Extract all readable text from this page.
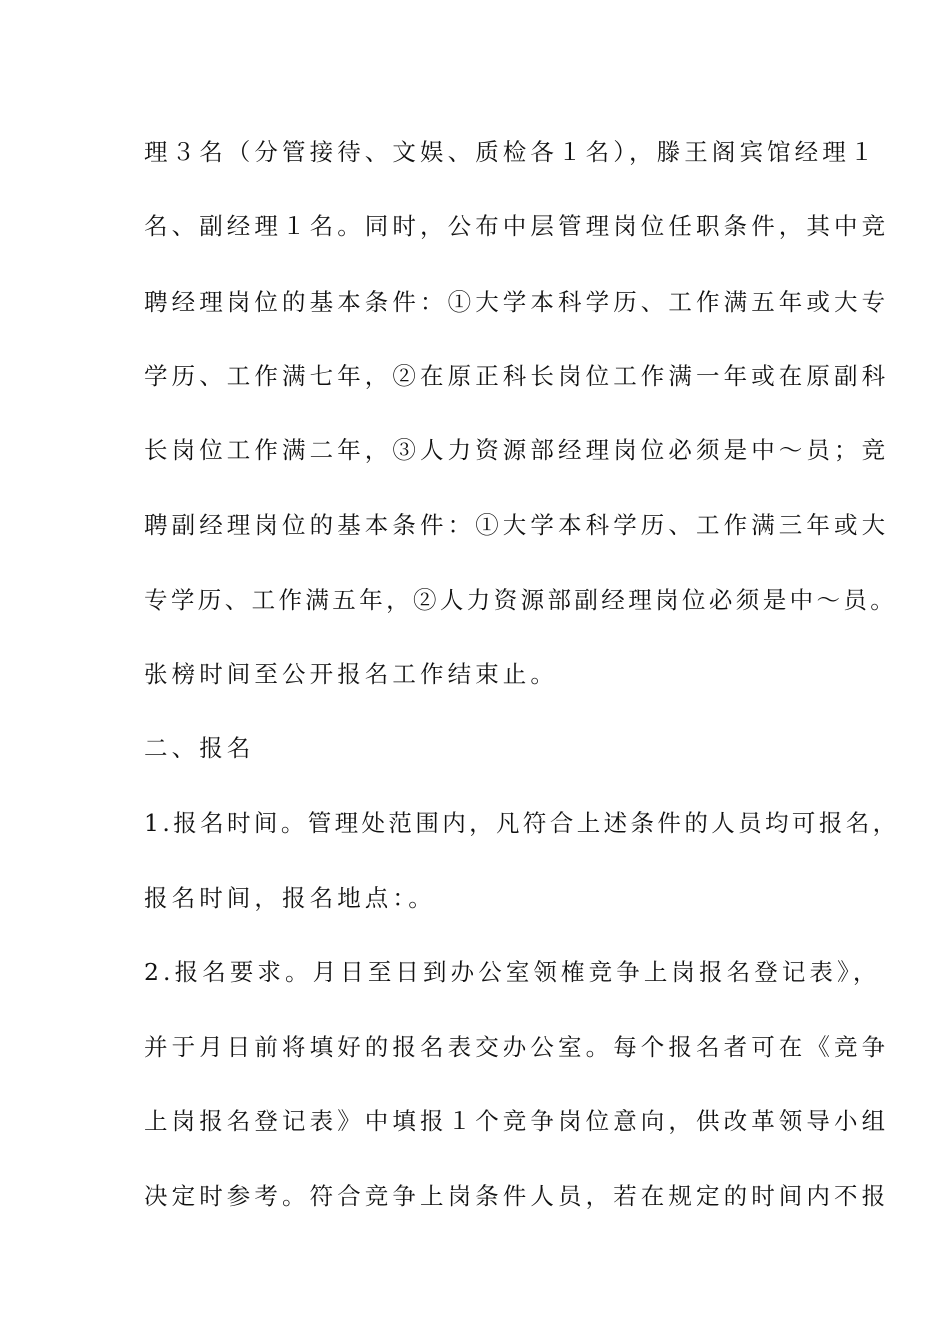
理３名（分管接待、文娱、质检各１名），滕王阁宾馆经理１
名、副经理１名。同时，公布中层管理岗位任职条件，其中竞
聘经理岗位的基本条件：①大学本科学历、工作满五年或大专
学历、工作满七年，②在原正科长岗位工作满一年或在原副科
长岗位工作满二年，③人力资源部经理岗位必须是中～员；竞
聘副经理岗位的基本条件：①大学本科学历、工作满三年或大
专学历、工作满五年，②人力资源部副经理岗位必须是中～员。
张榜时间至公开报名工作结束止。
二、报名
1.报名时间。管理处范围内，凡符合上述条件的人员均可报名，
报名时间，报名地点：。
2.报名要求。月日至日到办公室领榷竞争上岗报名登记表》，
并于月日前将填好的报名表交办公室。每个报名者可在《竞争
上岗报名登记表》中填报１个竞争岗位意向，供改革领导小组
决定时参考。符合竞争上岗条件人员，若在规定的时间内不报
